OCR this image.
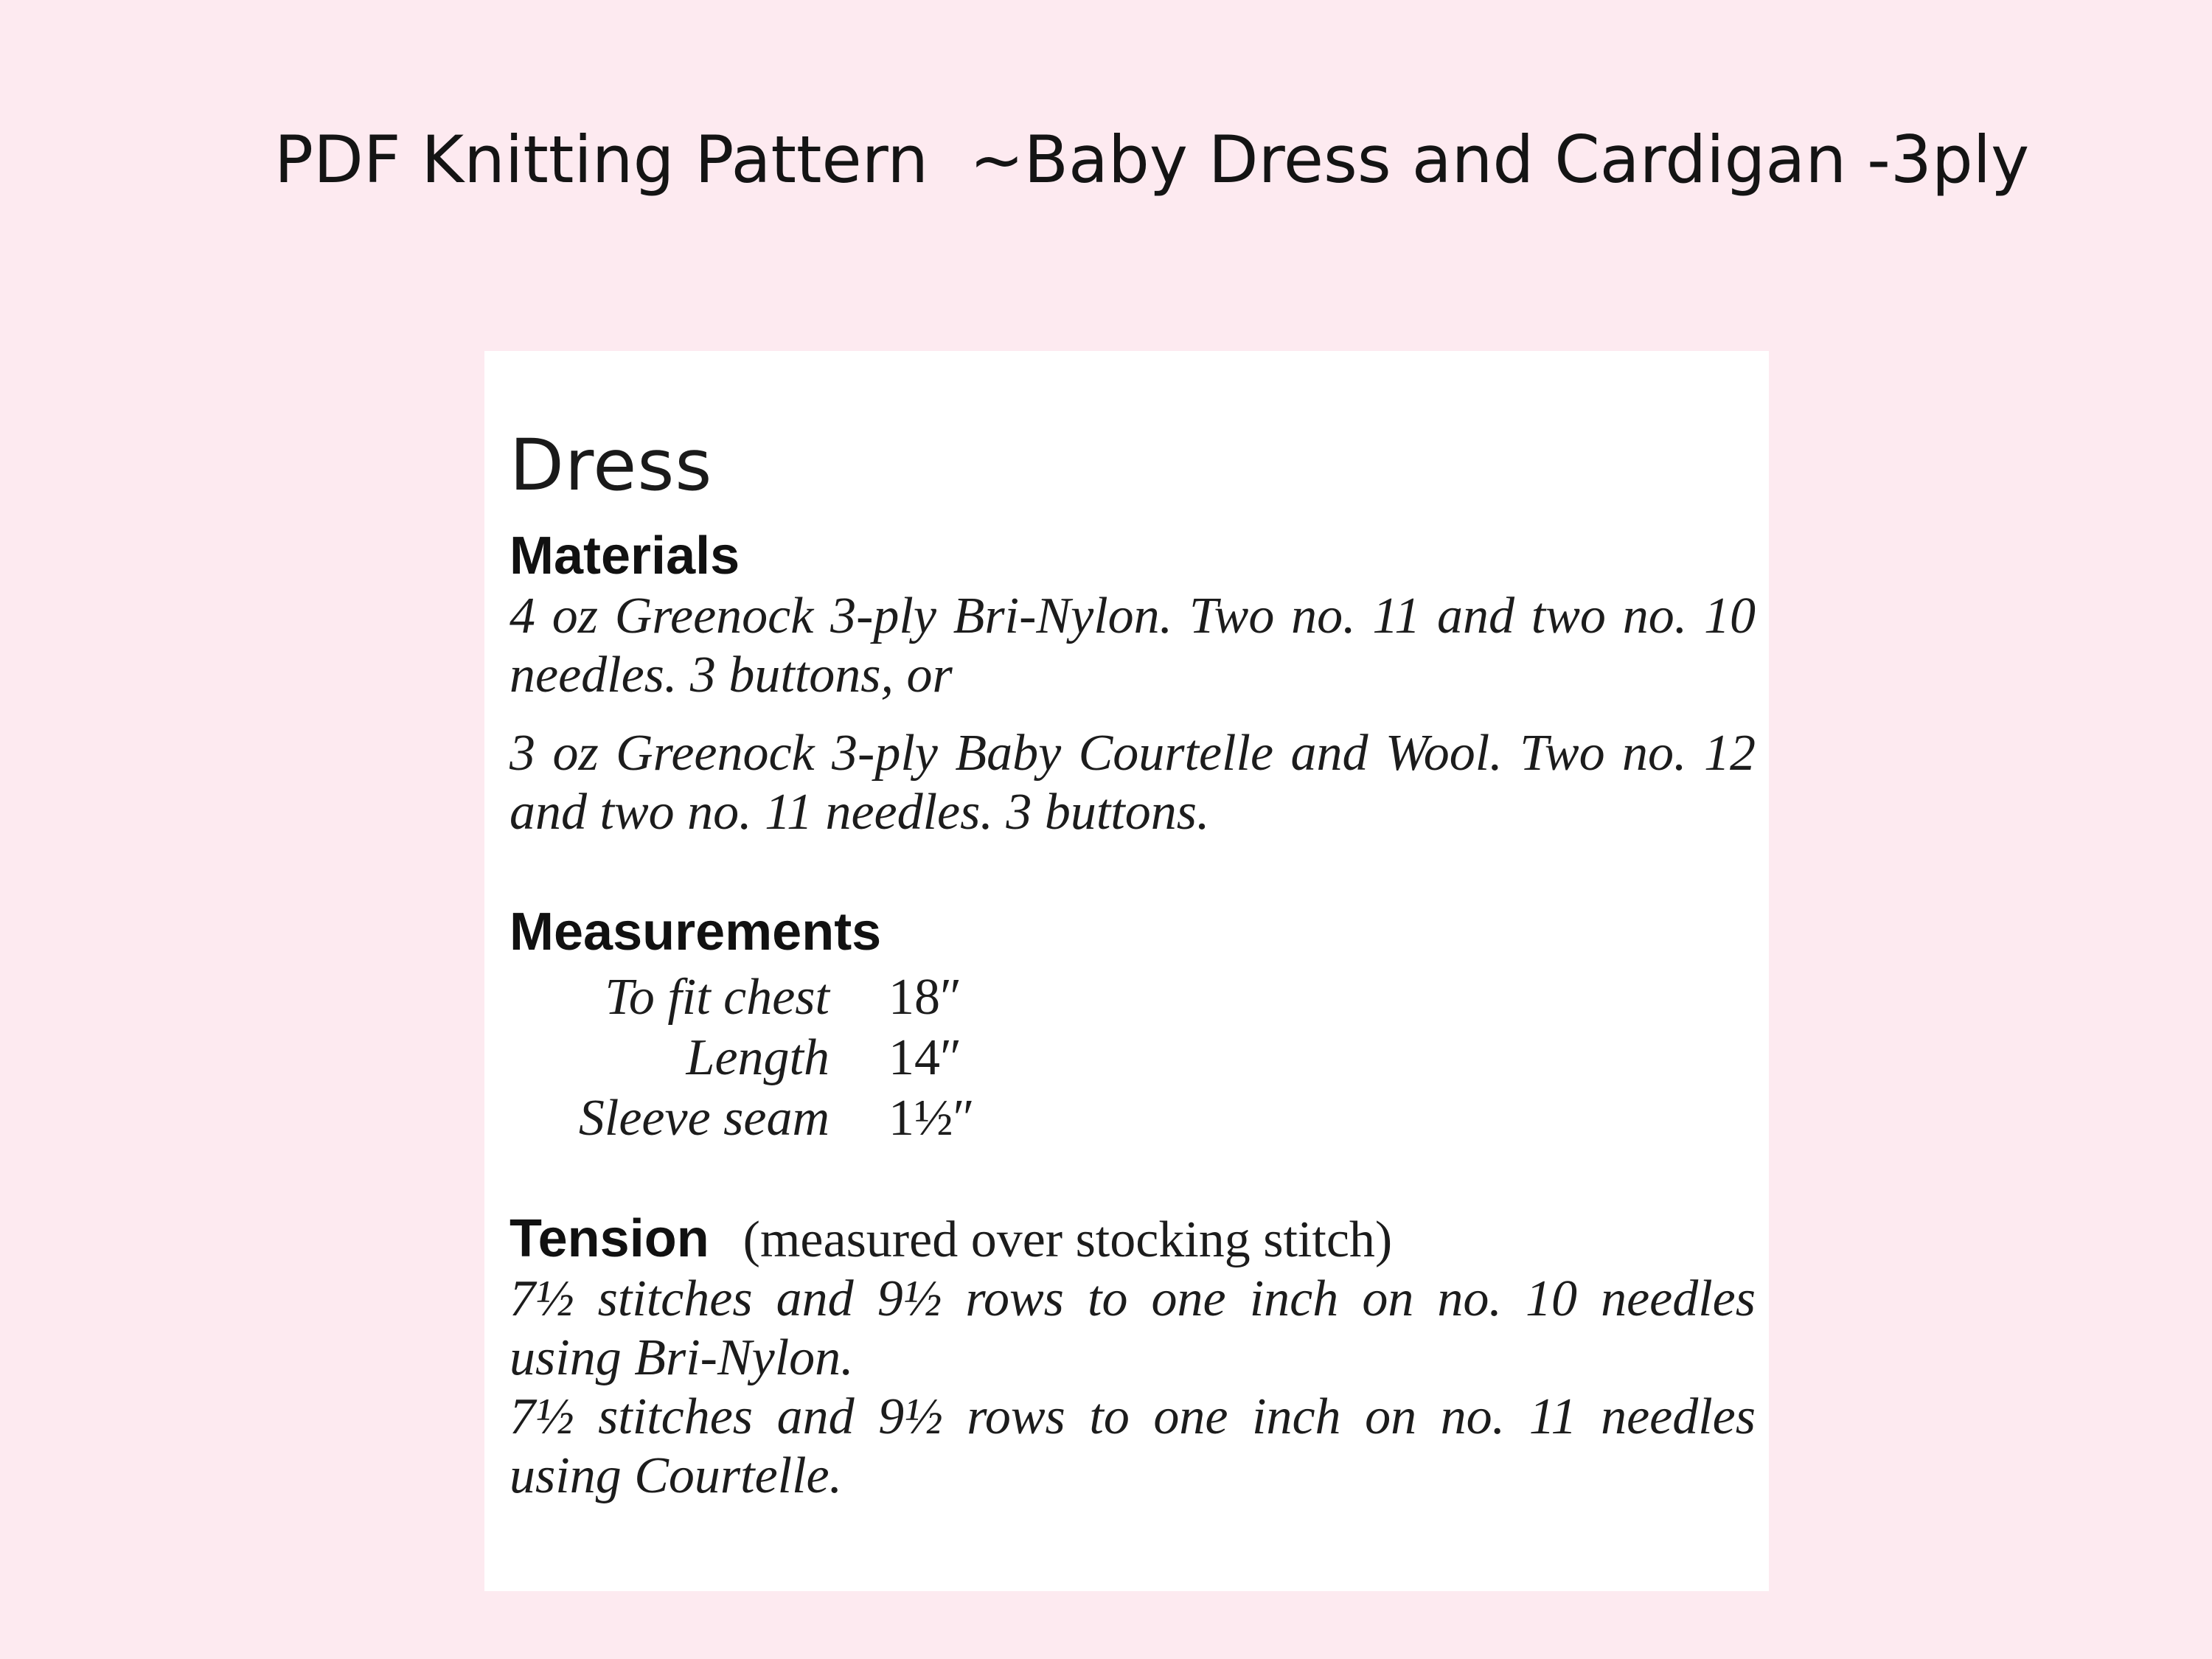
PDF Knitting Pattern  ~Baby Dress and Cardigan -3ply
Dress
Materials

4 oz Greenock 3-ply Bri-Nylon. Two no. 11 and two no. 10 needles. 3 buttons, or

3 oz Greenock 3-ply Baby Courtelle and Wool. Two no. 12 and two no. 11 needles. 3 buttons.

Measurements
To fit chest	18″
Length	14″
Sleeve seam	1½″
Tension (measured over stocking stitch)

7½ stitches and 9½ rows to one inch on no. 10 needles using Bri-Nylon.

7½ stitches and 9½ rows to one inch on no. 11 needles using Courtelle.
